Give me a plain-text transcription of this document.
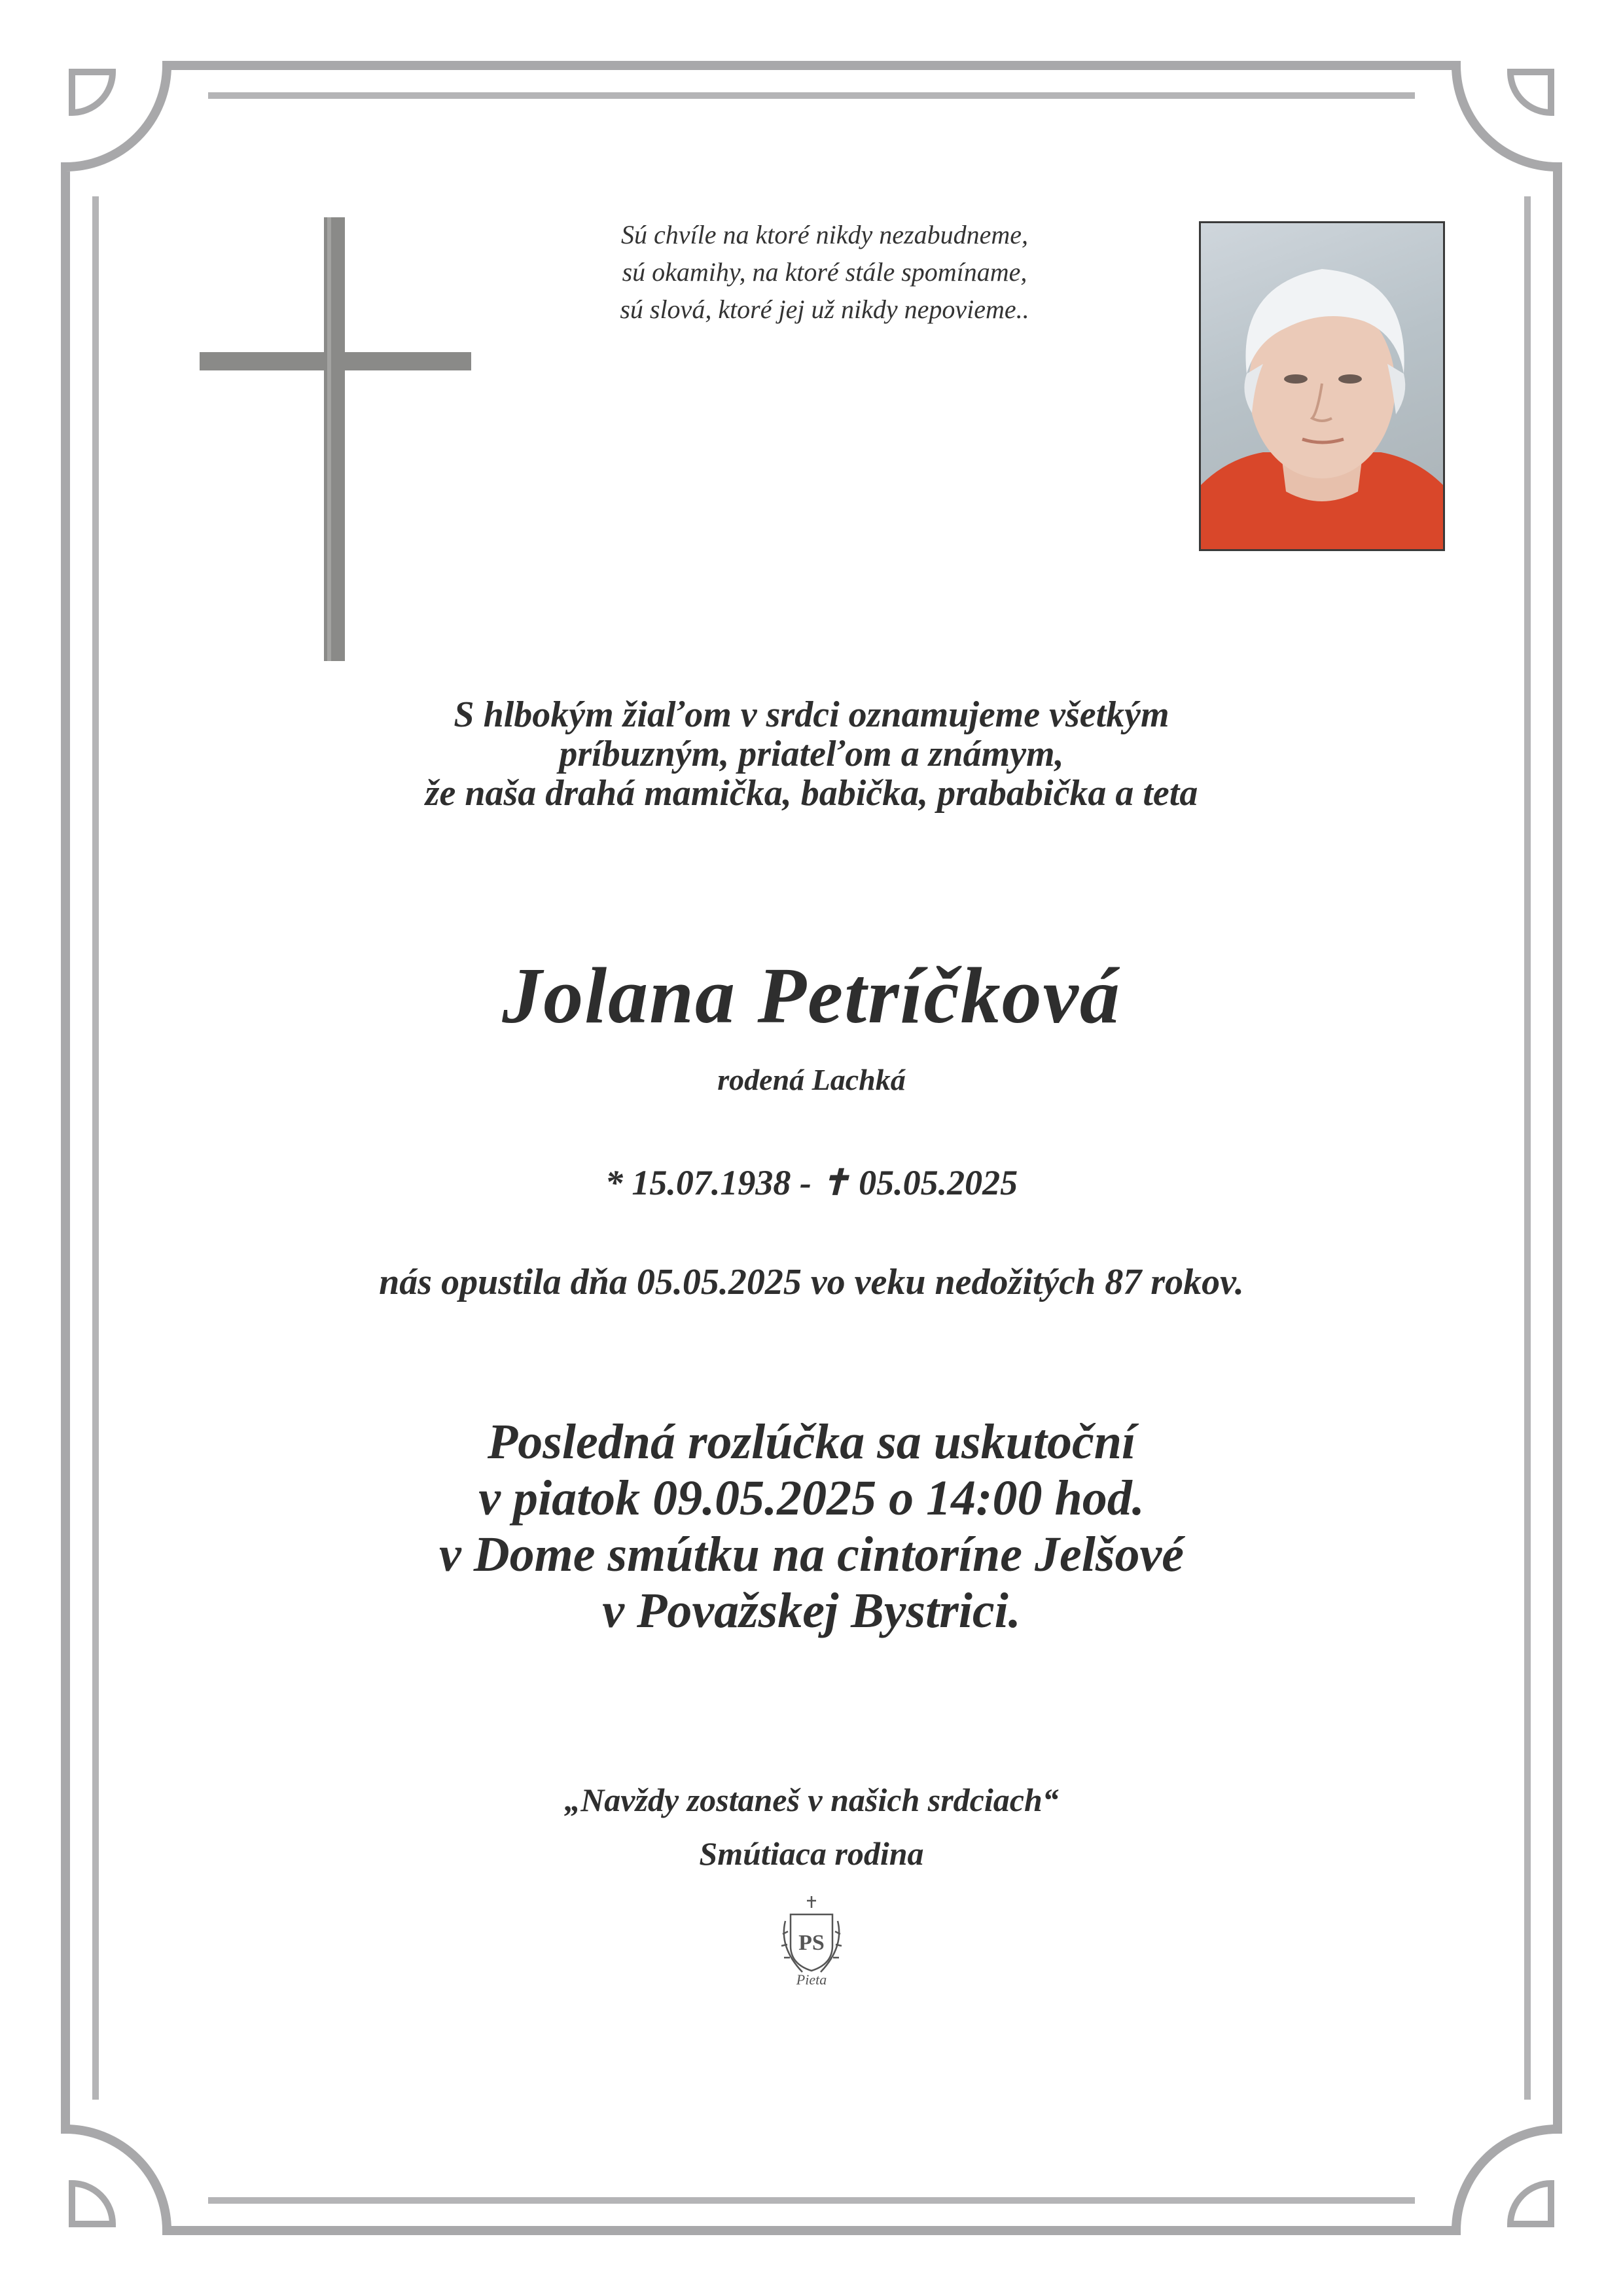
Sú chvíle na ktoré nikdy nezabudneme,
sú okamihy, na ktoré stále spomíname,
sú slová, ktoré jej už nikdy nepovieme..
S hlbokým žiaľom v srdci oznamujeme všetkým
príbuzným, priateľom a známym,
že naša drahá mamička, babička, prababička a teta
Jolana Petríčková
rodená Lachká
* 15.07.1938 - ✝ 05.05.2025
nás opustila dňa 05.05.2025 vo veku nedožitých 87 rokov.
Posledná rozlúčka sa uskutoční
v piatok 09.05.2025 o 14:00 hod.
v Dome smútku na cintoríne Jelšové
v Považskej Bystrici.
„Navždy zostaneš v našich srdciach“
Smútiaca rodina
PS
Pieta
